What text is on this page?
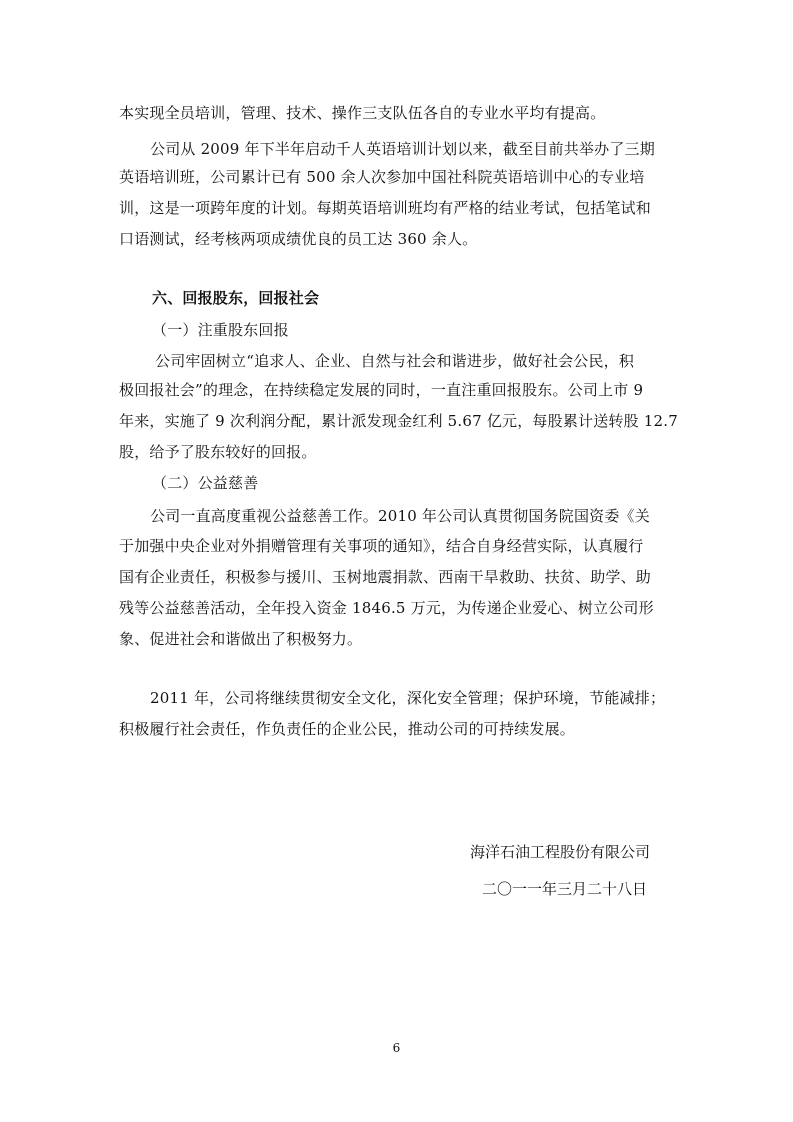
本实现全员培训，管理、技术、操作三支队伍各自的专业水平均有提高。
公司从 2009 年下半年启动千人英语培训计划以来，截至目前共举办了三期
英语培训班，公司累计已有 500 余人次参加中国社科院英语培训中心的专业培
训，这是一项跨年度的计划。每期英语培训班均有严格的结业考试，包括笔试和
口语测试，经考核两项成绩优良的员工达 360 余人。
六、回报股东，回报社会
（一）注重股东回报
公司牢固树立“追求人、企业、自然与社会和谐进步，做好社会公民，积
极回报社会”的理念，在持续稳定发展的同时，一直注重回报股东。公司上市 9
年来，实施了 9 次利润分配，累计派发现金红利 5.67 亿元，每股累计送转股 12.7
股，给予了股东较好的回报。
（二）公益慈善
公司一直高度重视公益慈善工作。2010 年公司认真贯彻国务院国资委《关
于加强中央企业对外捐赠管理有关事项的通知》，结合自身经营实际，认真履行
国有企业责任，积极参与援川、玉树地震捐款、西南干旱救助、扶贫、助学、助
残等公益慈善活动，全年投入资金 1846.5 万元，为传递企业爱心、树立公司形
象、促进社会和谐做出了积极努力。
2011 年，公司将继续贯彻安全文化，深化安全管理；保护环境，节能减排；
积极履行社会责任，作负责任的企业公民，推动公司的可持续发展。
海洋石油工程股份有限公司
二〇一一年三月二十八日
6
